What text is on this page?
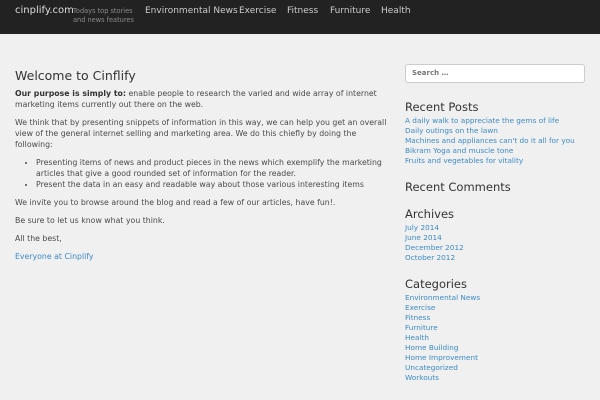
cinplify.com Todays top stories and news features
Environmental News Exercise Fitness Furniture Health
Welcome to Cinflify

Our purpose is simply to: enable people to research the varied and wide array of internet marketing items currently out there on the web.

We think that by presenting snippets of information in this way, we can help you get an overall view of the general internet selling and marketing area. We do this chiefly by doing the following:

• Presenting items of news and product pieces in the news which exemplify the marketing articles that give a good rounded set of information for the reader.
• Present the data in an easy and readable way about those various interesting items

We invite you to browse around the blog and read a few of our articles, have fun!.

Be sure to let us know what you think.

All the best,

Everyone at Cinplify

Search …
Recent Posts
A daily walk to appreciate the gems of life
Daily outings on the lawn
Machines and appliances can't do it all for you
Bikram Yoga and muscle tone
Fruits and vegetables for vitality
Recent Comments
Archives
July 2014
June 2014
December 2012
October 2012
Categories
Environmental News
Exercise
Fitness
Furniture
Health
Home Building
Home Improvement
Uncategorized
Workouts
